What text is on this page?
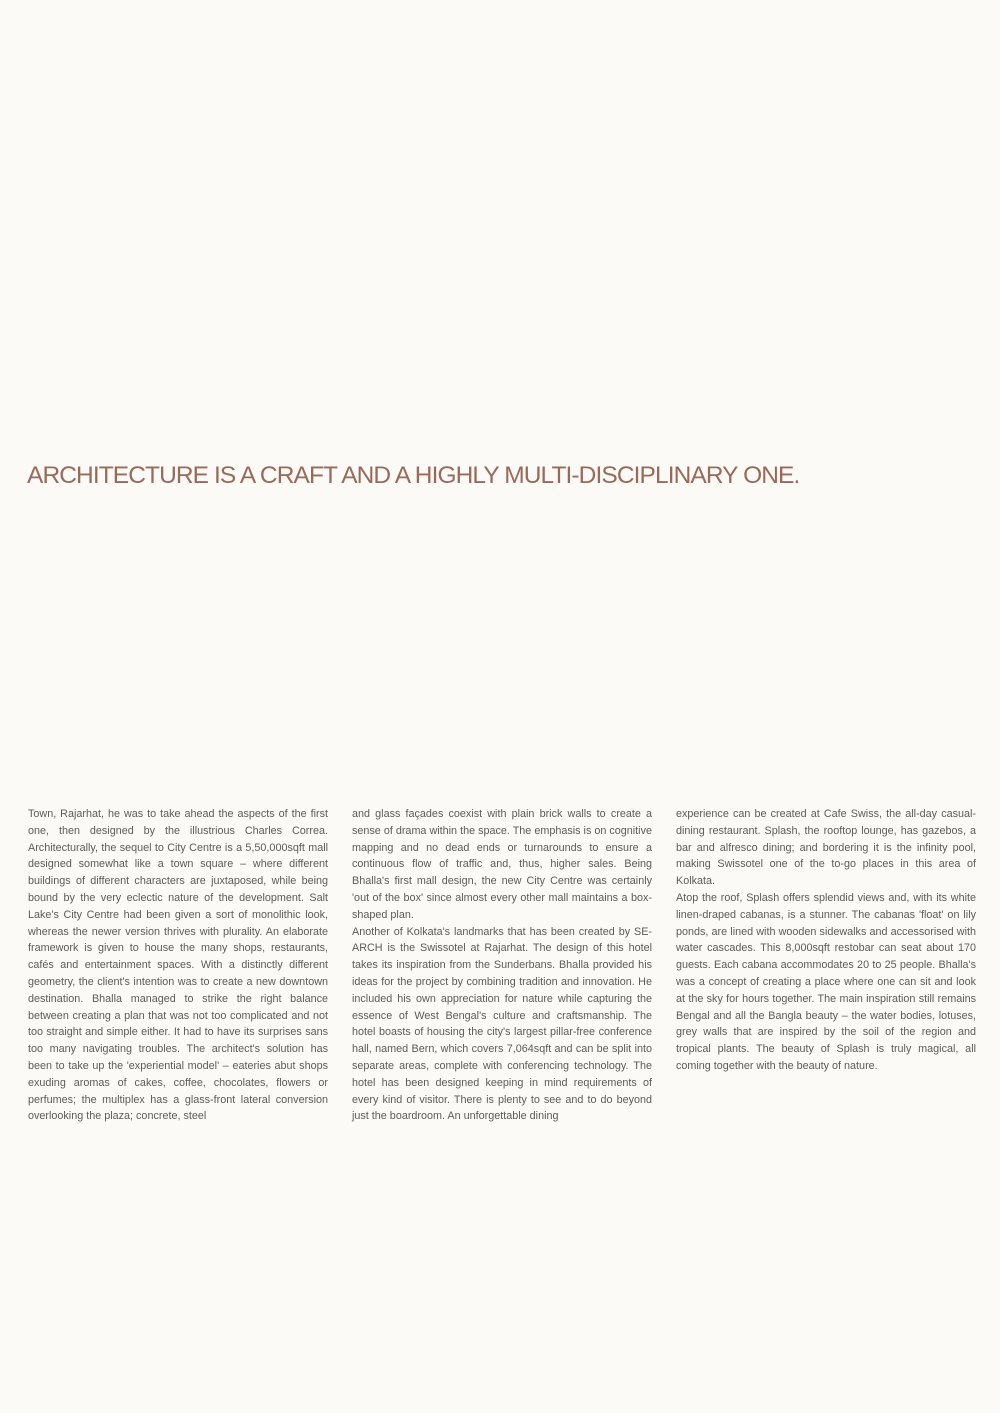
ARCHITECTURE IS A CRAFT AND A HIGHLY MULTI-DISCIPLINARY ONE.

Town, Rajarhat, he was to take ahead the aspects of the first one, then designed by the illustrious Charles Correa. Architecturally, the sequel to City Centre is a 5,50,000sqft mall designed somewhat like a town square – where different buildings of different characters are juxtaposed, while being bound by the very eclectic nature of the development. Salt Lake's City Centre had been given a sort of monolithic look, whereas the newer version thrives with plurality. An elaborate framework is given to house the many shops, restaurants, cafés and entertainment spaces. With a distinctly different geometry, the client's intention was to create a new downtown destination. Bhalla managed to strike the right balance between creating a plan that was not too complicated and not too straight and simple either. It had to have its surprises sans too many navigating troubles. The architect's solution has been to take up the 'experiential model' – eateries abut shops exuding aromas of cakes, coffee, chocolates, flowers or perfumes; the multiplex has a glass-front lateral conversion overlooking the plaza; concrete, steel

and glass façades coexist with plain brick walls to create a sense of drama within the space. The emphasis is on cognitive mapping and no dead ends or turnarounds to ensure a continuous flow of traffic and, thus, higher sales. Being Bhalla's first mall design, the new City Centre was certainly 'out of the box' since almost every other mall maintains a box-shaped plan.

Another of Kolkata's landmarks that has been created by SE-ARCH is the Swissotel at Rajarhat. The design of this hotel takes its inspiration from the Sunderbans. Bhalla provided his ideas for the project by combining tradition and innovation. He included his own appreciation for nature while capturing the essence of West Bengal's culture and craftsmanship. The hotel boasts of housing the city's largest pillar-free conference hall, named Bern, which covers 7,064sqft and can be split into separate areas, complete with conferencing technology. The hotel has been designed keeping in mind requirements of every kind of visitor. There is plenty to see and to do beyond just the boardroom. An unforgettable dining

experience can be created at Cafe Swiss, the all-day casual-dining restaurant. Splash, the rooftop lounge, has gazebos, a bar and alfresco dining; and bordering it is the infinity pool, making Swissotel one of the to-go places in this area of Kolkata.

Atop the roof, Splash offers splendid views and, with its white linen-draped cabanas, is a stunner. The cabanas 'float' on lily ponds, are lined with wooden sidewalks and accessorised with water cascades. This 8,000sqft restobar can seat about 170 guests. Each cabana accommodates 20 to 25 people. Bhalla's was a concept of creating a place where one can sit and look at the sky for hours together. The main inspiration still remains Bengal and all the Bangla beauty – the water bodies, lotuses, grey walls that are inspired by the soil of the region and tropical plants. The beauty of Splash is truly magical, all coming together with the beauty of nature.
